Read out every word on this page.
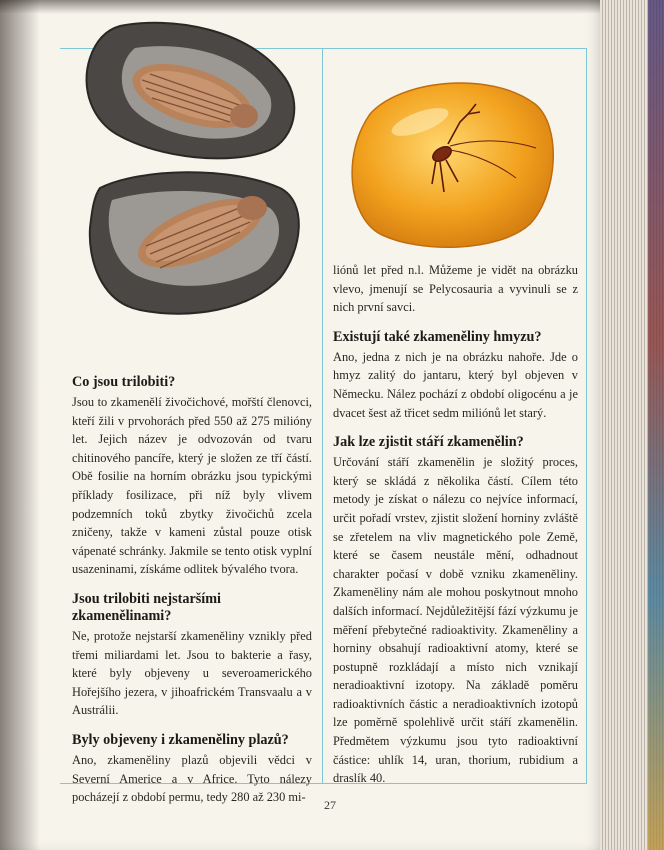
Co jsou trilobiti?

Jsou to zkamenělí živočichové, mořští členovci, kteří žili v prvohorách před 550 až 275 milióny let. Jejich název je odvozován od tvaru chitinového pancíře, který je složen ze tří částí. Obě fosilie na horním obrázku jsou typickými příklady fosilizace, při níž byly vlivem podzemních toků zbytky živočichů zcela zničeny, takže v kameni zůstal pouze otisk vápenaté schránky. Jakmile se tento otisk vyplní usazeninami, získáme odlitek bývalého tvora.

Jsou trilobiti nejstaršími zkamenělinami?

Ne, protože nejstarší zkameněliny vznikly před třemi miliardami let. Jsou to bakterie a řasy, které byly objeveny u severoamerického Hořejšího jezera, v jihoafrickém Transvaalu a v Austrálii.

Byly objeveny i zkameněliny plazů?

Ano, zkameněliny plazů objevili vědci v Severní Americe a v Africe. Tyto nálezy pocházejí z období permu, tedy 280 až 230 mi-

liónů let před n.l. Můžeme je vidět na obrázku vlevo, jmenují se Pelycosauria a vyvinuli se z nich první savci.

Existují také zkameněliny hmyzu?

Ano, jedna z nich je na obrázku nahoře. Jde o hmyz zalitý do jantaru, který byl objeven v Německu. Nález pochází z období oligocénu a je dvacet šest až třicet sedm miliónů let starý.

Jak lze zjistit stáří zkamenělin?

Určování stáří zkamenělin je složitý proces, který se skládá z několika částí. Cílem této metody je získat o nálezu co nejvíce informací, určit pořadí vrstev, zjistit složení horniny zvláště se zřetelem na vliv magnetického pole Země, které se časem neustále mění, odhadnout charakter počasí v době vzniku zkameněliny. Zkameněliny nám ale mohou poskytnout mnoho dalších informací. Nejdůležitější fází výzkumu je měření přebytečné radioaktivity. Zkameněliny a horniny obsahují radioaktivní atomy, které se postupně rozkládají a místo nich vznikají neradioaktivní izotopy. Na základě poměru radioaktivních částic a neradioaktivních izotopů lze poměrně spolehlivě určit stáří zkamenělin. Předmětem výzkumu jsou tyto radioaktivní částice: uhlík 14, uran, thorium, rubidium a draslík 40.

27
